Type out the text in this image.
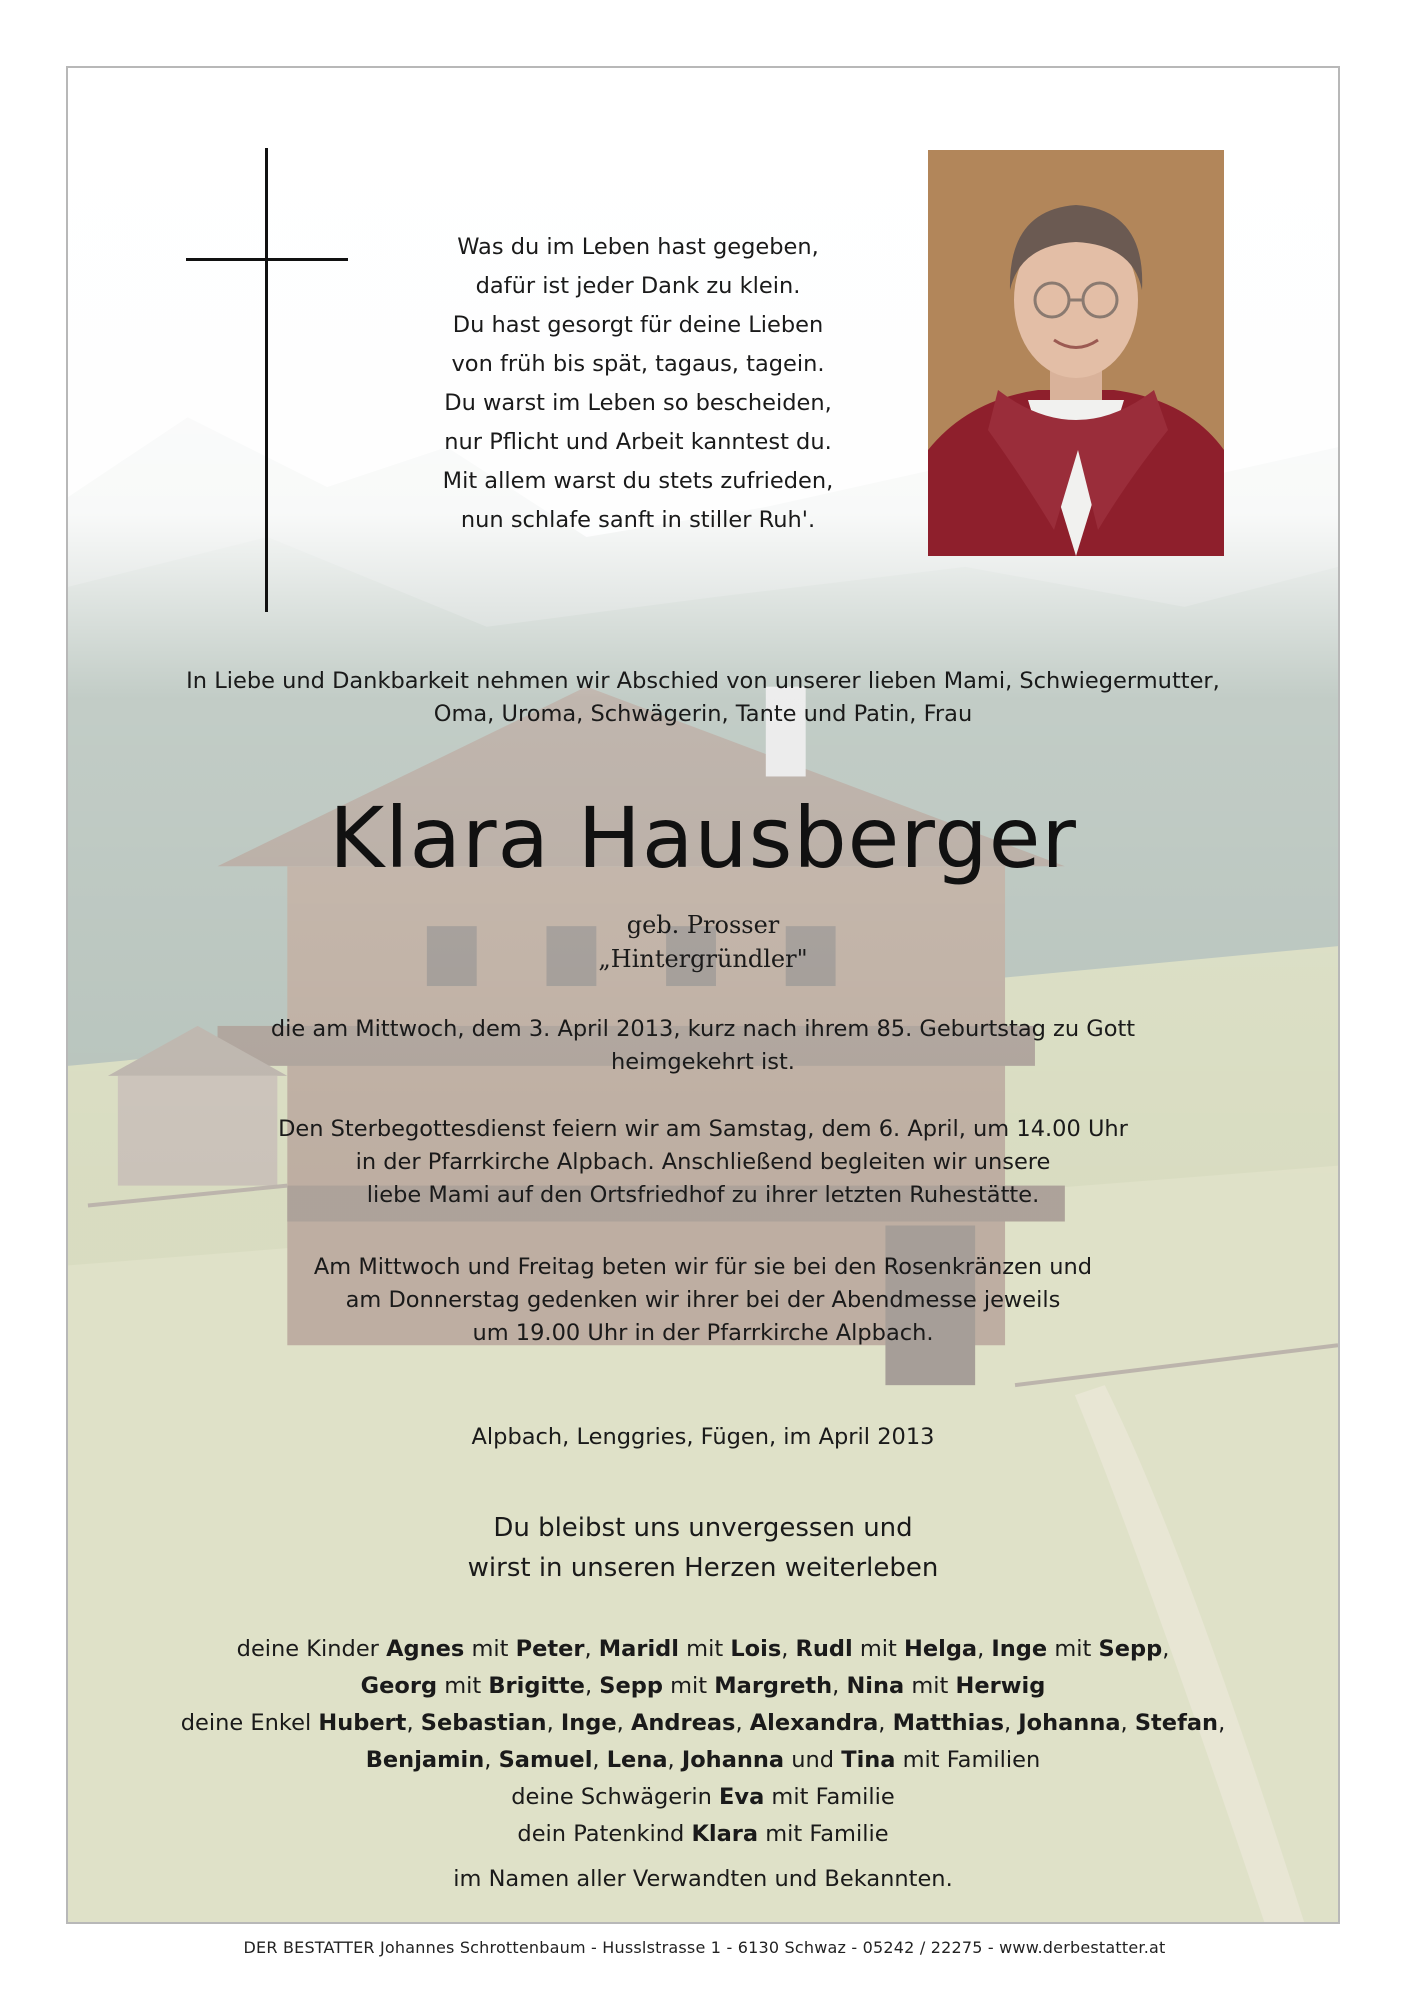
Was du im Leben hast gegeben,
dafür ist jeder Dank zu klein.
Du hast gesorgt für deine Lieben
von früh bis spät, tagaus, tagein.
Du warst im Leben so bescheiden,
nur Pflicht und Arbeit kanntest du.
Mit allem warst du stets zufrieden,
nun schlafe sanft in stiller Ruh'.
In Liebe und Dankbarkeit nehmen wir Abschied von unserer lieben Mami, Schwiegermutter,
Oma, Uroma, Schwägerin, Tante und Patin, Frau
Klara Hausberger
geb. Prosser
„Hintergründler"
die am Mittwoch, dem 3. April 2013, kurz nach ihrem 85. Geburtstag zu Gott
heimgekehrt ist.
Den Sterbegottesdienst feiern wir am Samstag, dem 6. April, um 14.00 Uhr
in der Pfarrkirche Alpbach. Anschließend begleiten wir unsere
liebe Mami auf den Ortsfriedhof zu ihrer letzten Ruhestätte.
Am Mittwoch und Freitag beten wir für sie bei den Rosenkränzen und
am Donnerstag gedenken wir ihrer bei der Abendmesse jeweils
um 19.00 Uhr in der Pfarrkirche Alpbach.
Alpbach, Lenggries, Fügen, im April 2013
Du bleibst uns unvergessen und
wirst in unseren Herzen weiterleben
deine Kinder Agnes mit Peter, Maridl mit Lois, Rudl mit Helga, Inge mit Sepp,
Georg mit Brigitte, Sepp mit Margreth, Nina mit Herwig
deine Enkel Hubert, Sebastian, Inge, Andreas, Alexandra, Matthias, Johanna, Stefan,
Benjamin, Samuel, Lena, Johanna und Tina mit Familien
deine Schwägerin Eva mit Familie
dein Patenkind Klara mit Familie
im Namen aller Verwandten und Bekannten.
DER BESTATTER Johannes Schrottenbaum - Husslstrasse 1 - 6130 Schwaz - 05242 / 22275 - www.derbestatter.at
